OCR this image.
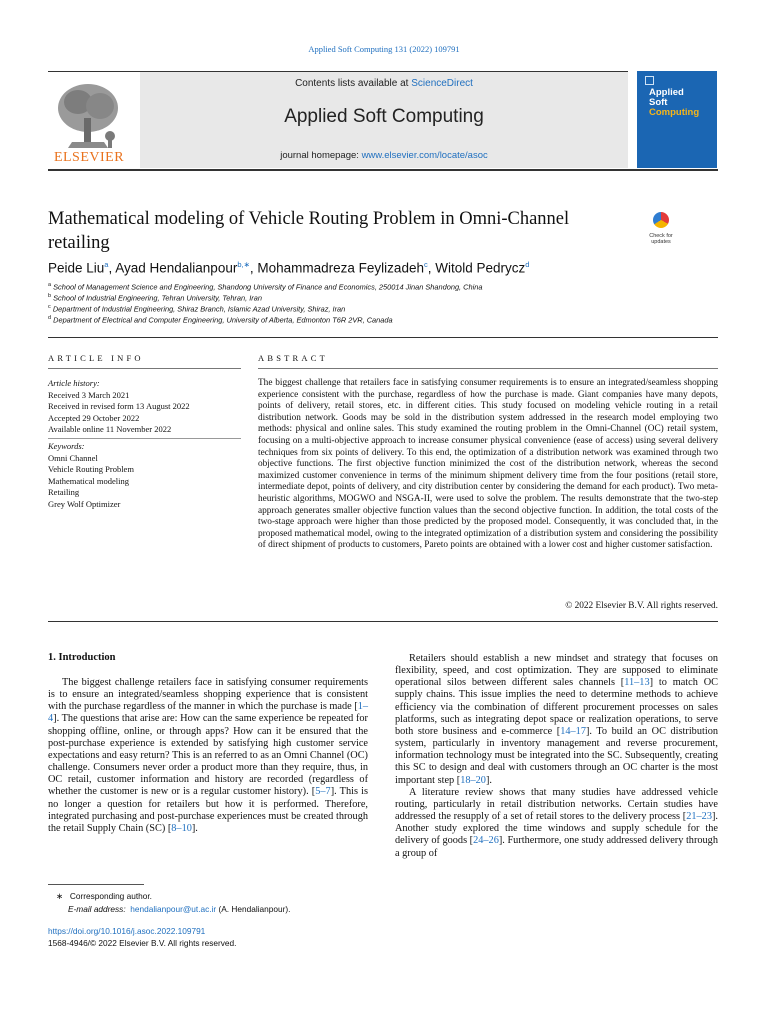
Applied Soft Computing 131 (2022) 109791
ELSEVIER
Contents lists available at ScienceDirect
Applied Soft Computing
journal homepage: www.elsevier.com/locate/asoc
Applied
Soft
Computing
Mathematical modeling of Vehicle Routing Problem in Omni-Channel
retailing	Check for
updates
Peide Liu$^a$, Ayad Hendalianpour$^{b,∗}$, Mohammadreza Feylizadeh$^c$, Witold Pedrycz$^d$
$^a$ School of Management Science and Engineering, Shandong University of Finance and Economics, 250014 Jinan Shandong, China
$^b$ School of Industrial Engineering, Tehran University, Tehran, Iran
$^c$ Department of Industrial Engineering, Shiraz Branch, Islamic Azad University, Shiraz, Iran
$^d$ Department of Electrical and Computer Engineering, University of Alberta, Edmonton T6R 2VR, Canada
ARTICLE INFO
Article history:
Received 3 March 2021
Received in revised form 13 August 2022
Accepted 29 October 2022
Available online 11 November 2022
Keywords:
Omni Channel
Vehicle Routing Problem
Mathematical modeling
Retailing
Grey Wolf Optimizer
ABSTRACT
The biggest challenge that retailers face in satisfying consumer requirements is to ensure an integrated/seamless shopping experience consistent with the purchase, regardless of how the purchase is made. Giant companies have many depots, points of delivery, retail stores, etc. in different cities. This study focused on modeling vehicle routing in a retail distribution network. Goods may be sold in the distribution system addressed in the research model employing two methods: physical and online sales. This study examined the routing problem in the Omni-Channel (OC) retail system, focusing on a multi-objective approach to increase consumer physical convenience (ease of access) using several delivery techniques from six points of delivery. To this end, the optimization of a distribution network was examined through two objective functions. The first objective function minimized the cost of the distribution network, whereas the second maximized customer convenience in terms of the minimum shipment delivery time from the four positions (retail store, intermediate depot, points of delivery, and city distribution center by considering the demand for each product). Two meta-heuristic algorithms, MOGWO and NSGA-II, were used to solve the problem. The results demonstrate that the two-step approach generates smaller objective function values than the second objective function. In addition, the total costs of the two-stage approach were higher than those predicted by the proposed model. Consequently, it was concluded that, in the proposed mathematical model, owing to the integrated optimization of a distribution system and considering the possibility of direct shipment of products to customers, Pareto points are obtained with a lower cost and higher customer satisfaction.
© 2022 Elsevier B.V. All rights reserved.
1. Introduction
The biggest challenge retailers face in satisfying consumer requirements is to ensure an integrated/seamless shopping experience that is consistent with the purchase regardless of the manner in which the purchase is made [1–4]. The questions that arise are: How can the same experience be repeated for shopping offline, online, or through apps? How can it be ensured that the post-purchase experience is extended by satisfying high customer service expectations and easy return? This is an referred to as an Omni Channel (OC) challenge. Consumers never order a product more than they require, thus, in OC retail, customer information and history are recorded (regardless of whether the customer is new or is a regular customer history). [5–7]. This is no longer a question for retailers but how it is performed. Therefore, integrated purchasing and post-purchase experiences must be created through the retail Supply Chain (SC) [8–10].
Retailers should establish a new mindset and strategy that focuses on flexibility, speed, and cost optimization. They are supposed to eliminate operational silos between different sales channels [11–13] to match OC supply chains. This issue implies the need to determine methods to achieve efficiency via the combination of different procurement processes on sales platforms, such as integrating depot space or realization operations, to serve both store business and e-commerce [14–17]. To build an OC distribution system, particularly in inventory management and reverse procurement, information technology must be integrated into the SC. Subsequently, creating this SC to design and deal with customers through an OC charter is the most important step [18–20].
A literature review shows that many studies have addressed vehicle routing, particularly in retail distribution networks. Certain studies have addressed the resupply of a set of retail stores to the delivery process [21–23]. Another study explored the time windows and supply schedule for the delivery of goods [24–26]. Furthermore, one study addressed delivery through a group of
∗ Corresponding author.
E-mail address: hendalianpour@ut.ac.ir (A. Hendalianpour).
https://doi.org/10.1016/j.asoc.2022.109791
1568-4946/© 2022 Elsevier B.V. All rights reserved.
